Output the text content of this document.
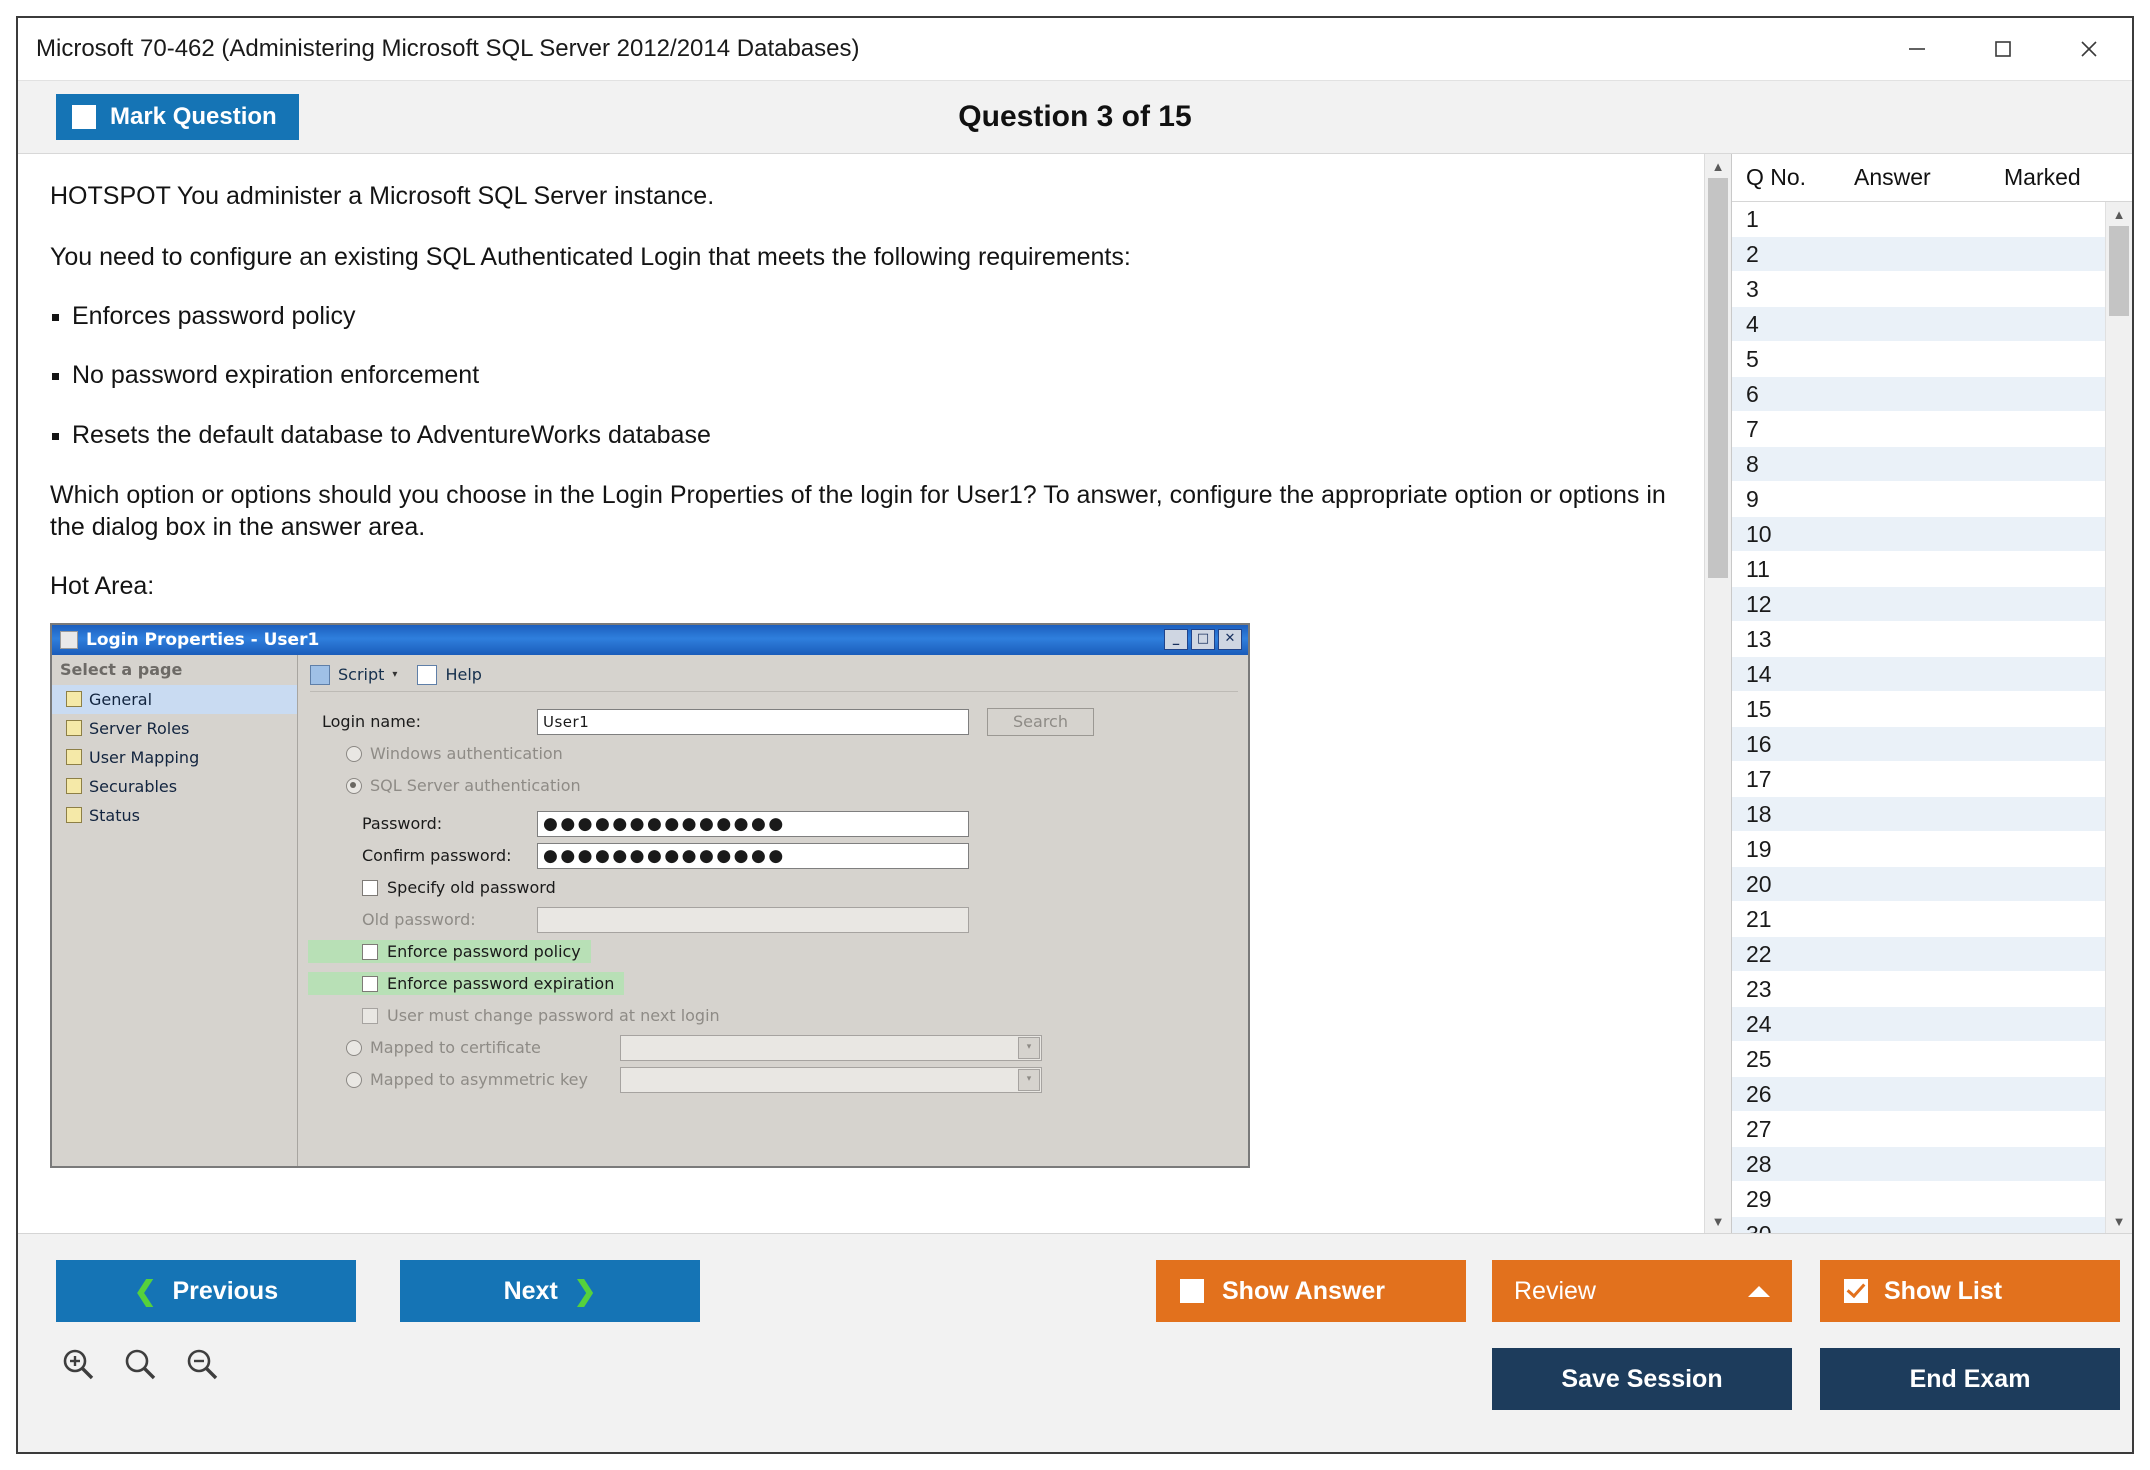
Microsoft 70-462 (Administering Microsoft SQL Server 2012/2014 Databases)
Mark Question	Question 3 of 15

HOTSPOT You administer a Microsoft SQL Server instance.

You need to configure an existing SQL Authenticated Login that meets the following requirements:

Enforces password policy
No password expiration enforcement
Resets the default database to AdventureWorks database

Which option or options should you choose in the Login Properties of the login for User1? To answer, configure the appropriate option or options in the dialog box in the answer area.

Hot Area:
Login Properties - User1	_	□	✕
Select a page
General
Server Roles
User Mapping
Securables
Status
Script ▾	Help
Login name:	User1	Search
Windows authentication
SQL Server authentication
Password:	●●●●●●●●●●●●●●
Confirm password:	●●●●●●●●●●●●●●
Specify old password
Old password:
Enforce password policy
Enforce password expiration
User must change password at next login
Mapped to certificate	▾
Mapped to asymmetric key	▾
▲
▼
Q No.	Answer	Marked
1
2
3
4
5
6
7
8
9
10
11
12
13
14
15
16
17
18
19
20
21
22
23
24
25
26
27
28
29
▲
▼
❮ Previous	Next ❯	Show Answer	Review	Show List
Save Session	End Exam
